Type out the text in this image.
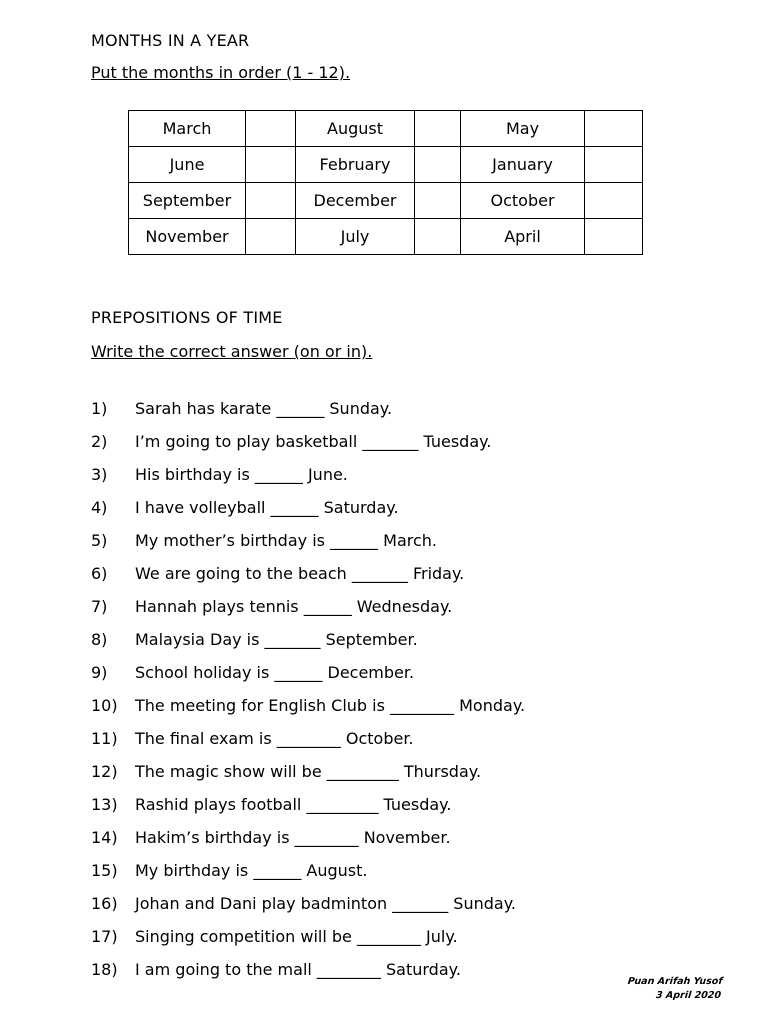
MONTHS IN A YEAR
Put the months in order (1 - 12).
March		August		May	
June		February		January	
September		December		October	
November		July		April	
PREPOSITIONS OF TIME
Write the correct answer (on or in).
1)	Sarah has karate ______ Sunday.
2)	I’m going to play basketball _______ Tuesday.
3)	His birthday is ______ June.
4)	I have volleyball ______ Saturday.
5)	My mother’s birthday is ______ March.
6)	We are going to the beach _______ Friday.
7)	Hannah plays tennis ______ Wednesday.
8)	Malaysia Day is _______ September.
9)	School holiday is ______ December.
10)	The meeting for English Club is ________ Monday.
11)	The final exam is ________ October.
12)	The magic show will be _________ Thursday.
13)	Rashid plays football _________ Tuesday.
14)	Hakim’s birthday is ________ November.
15)	My birthday is ______ August.
16)	Johan and Dani play badminton _______ Sunday.
17)	Singing competition will be ________ July.
18)	I am going to the mall ________ Saturday.
Puan Arifah Yusof
3 April 2020
